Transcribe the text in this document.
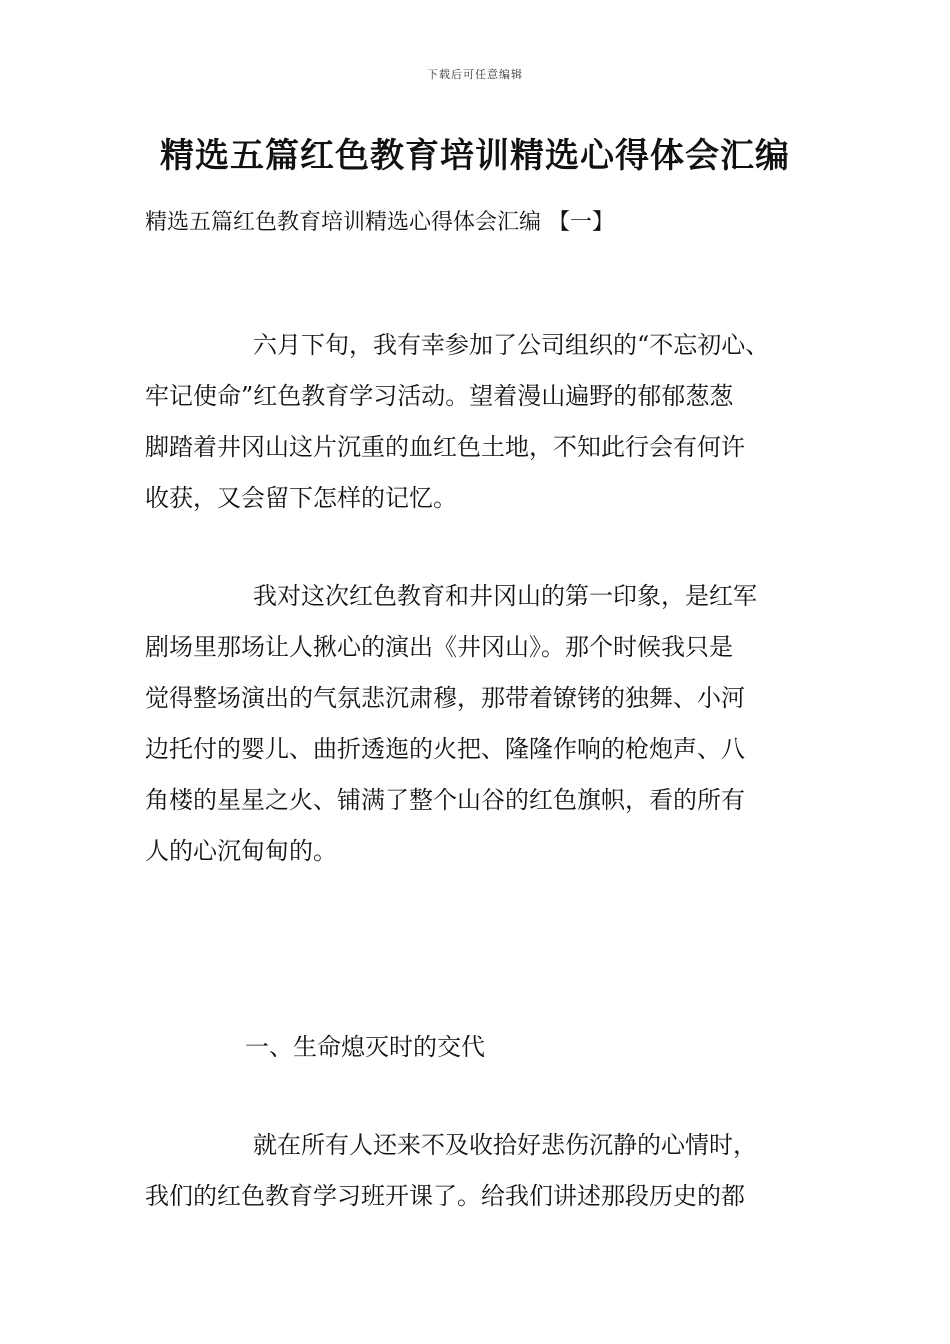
下载后可任意编辑
精选五篇红色教育培训精选心得体会汇编
精选五篇红色教育培训精选心得体会汇编 【一】
六月下旬，我有幸参加了公司组织的“不忘初心、
牢记使命”红色教育学习活动。望着漫山遍野的郁郁葱葱
脚踏着井冈山这片沉重的血红色土地，不知此行会有何许
收获，又会留下怎样的记忆。
我对这次红色教育和井冈山的第一印象，是红军
剧场里那场让人揪心的演出《井冈山》。那个时候我只是
觉得整场演出的气氛悲沉肃穆，那带着镣铐的独舞、小河
边托付的婴儿、曲折透迤的火把、隆隆作响的枪炮声、八
角楼的星星之火、铺满了整个山谷的红色旗帜，看的所有
人的心沉甸甸的。
一、生命熄灭时的交代
就在所有人还来不及收拾好悲伤沉静的心情时，
我们的红色教育学习班开课了。给我们讲述那段历史的都
